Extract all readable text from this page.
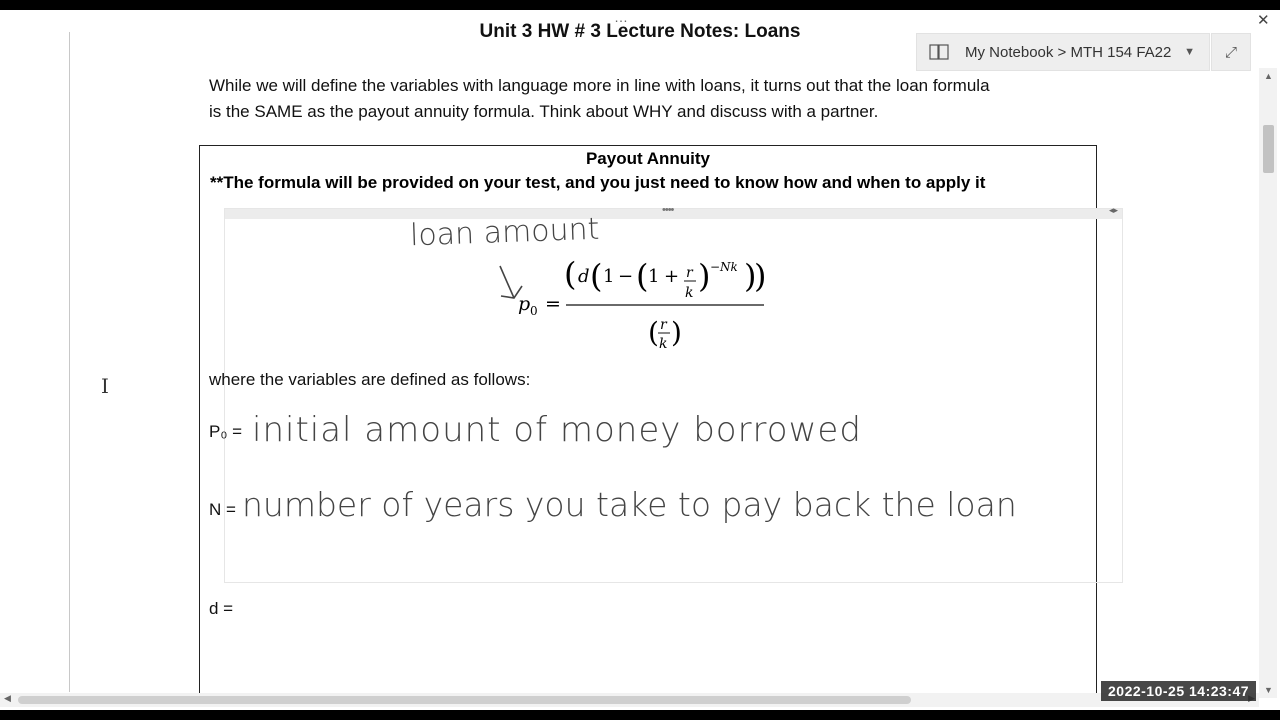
…
Unit 3 HW # 3 Lecture Notes: Loans
While we will define the variables with language more in line with loans, it turns out that the loan formula
is the SAME as the payout annuity formula. Think about WHY and discuss with a partner.
Payout Annuity
**The formula will be provided on your test, and you just need to know how and when to apply it
••••	◂▸
loan amount
p 0 =
( d ( 1 − ( 1 + r
k ) −Nk )
)
( r
k )
where the variables are defined as follows:
P₀ = initial amount of money borrowed
N = number of years you take to pay back the loan
d =
I
My Notebook > MTH 154 FA22 ▼	⤢
✕
▲
▼
◀	2022-10-25 14:23:47
